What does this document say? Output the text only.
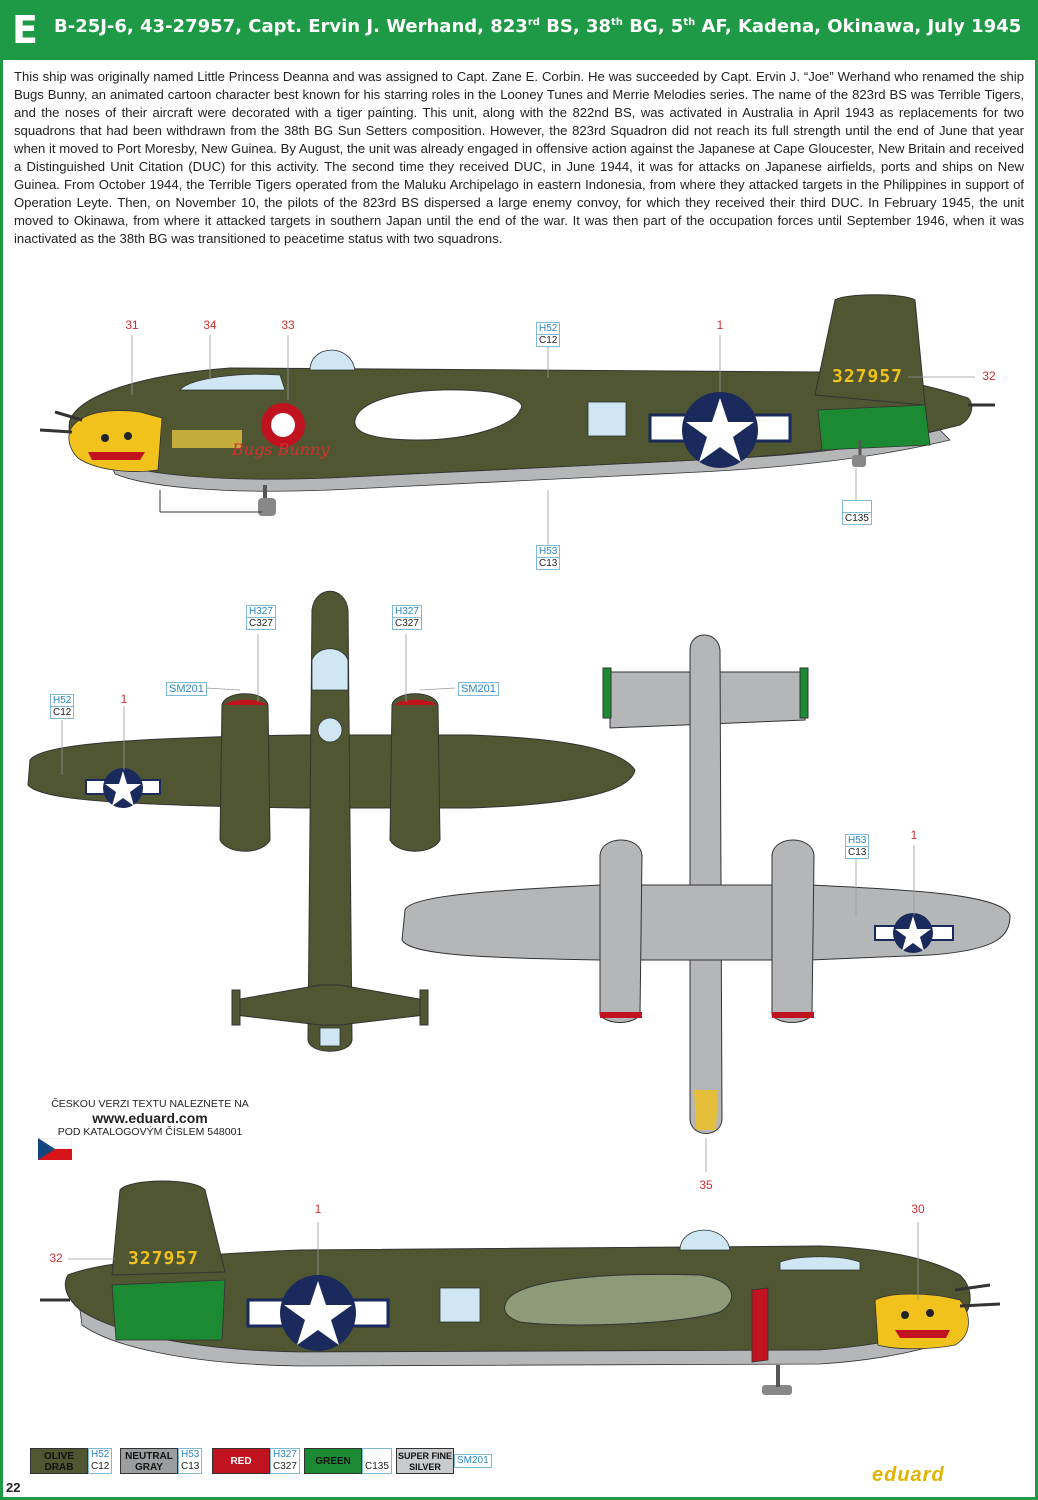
E B-25J-6, 43-27957, Capt. Ervin J. Werhand, 823rd BS, 38th BG, 5th AF, Kadena, Okinawa, July 1945
This ship was originally named Little Princess Deanna and was assigned to Capt. Zane E. Corbin. He was succeeded by Capt. Ervin J. “Joe” Werhand who renamed the ship Bugs Bunny, an animated cartoon character best known for his starring roles in the Looney Tunes and Merrie Melodies series. The name of the 823rd BS was Terrible Tigers, and the noses of their aircraft were decorated with a tiger painting. This unit, along with the 822nd BS, was activated in Australia in April 1943 as replacements for two squadrons that had been withdrawn from the 38th BG Sun Setters composition. However, the 823rd Squadron did not reach its full strength until the end of June that year when it moved to Port Moresby, New Guinea. By August, the unit was already engaged in offensive action against the Japanese at Cape Gloucester, New Britain and received a Distinguished Unit Citation (DUC) for this activity. The second time they received DUC, in June 1944, it was for attacks on Japanese airfields, ports and ships on New Guinea. From October 1944, the Terrible Tigers operated from the Maluku Archipelago in eastern Indonesia, from where they attacked targets in the Philippines in support of Operation Leyte. Then, on November 10, the pilots of the 823rd BS dispersed a large enemy convoy, for which they received their third DUC. In February 1945, the unit moved to Okinawa, from where it attacked targets in southern Japan until the end of the war. It was then part of the occupation forces until September 1946, when it was inactivated as the 38th BG was transitioned to peacetime status with two squadrons.
327957
Bugs Bunny
31	34	33	1
32
H52
C12
H53
C13

C135
H327
C327
H327
C327
SM201	SM201
H52
C12
1
H53
C13
1
35
ČESKOU VERZI TEXTU NALEZNETE NA
www.eduard.com
POD KATALOGOVÝM ČÍSLEM 548001
327957
32
1	30
OLIVE DRAB
H52
C12
NEUTRAL GRAY
H53
C13	RED
H327
C327	GREEN
	C135
SUPER FINE SILVER
SM201
22
eduard
